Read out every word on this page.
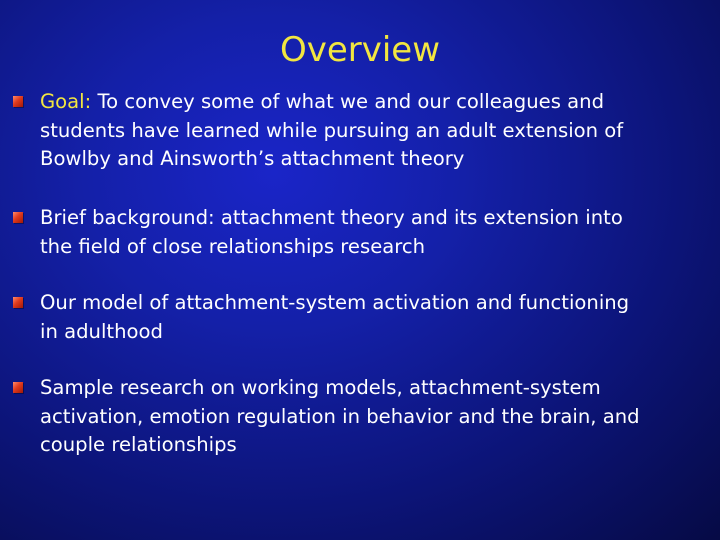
Overview
Goal: To convey some of what we and our colleagues and
students have learned while pursuing an adult extension of
Bowlby and Ainsworth’s attachment theory
Brief background: attachment theory and its extension into
the field of close relationships research
Our model of attachment-system activation and functioning
in adulthood
Sample research on working models, attachment-system
activation, emotion regulation in behavior and the brain, and
couple relationships
